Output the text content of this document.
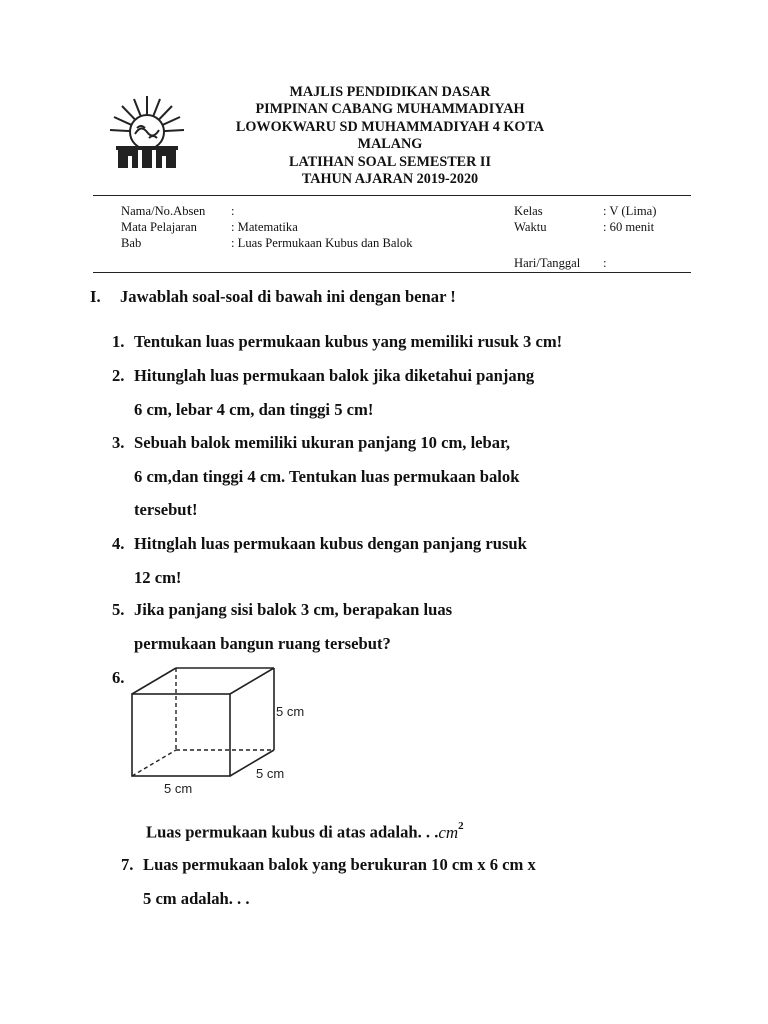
MAJLIS PENDIDIKAN DASAR
PIMPINAN CABANG MUHAMMADIYAH
LOWOKWARU SD MUHAMMADIYAH 4 KOTA
MALANG
LATIHAN SOAL SEMESTER II
TAHUN AJARAN 2019-2020
Nama/No.Absen :
Mata Pelajaran	: Matematika
Bab	: Luas Permukaan Kubus dan Balok
Kelas	: V (Lima)
Waktu	: 60 menit
Hari/Tanggal :
I. Jawablah soal-soal di bawah ini dengan benar !
1. Tentukan luas permukaan kubus yang memiliki rusuk 3 cm!
2. Hitunglah luas permukaan balok jika diketahui panjang
6 cm, lebar 4 cm, dan tinggi 5 cm!
3. Sebuah balok memiliki ukuran panjang 10 cm, lebar,
6 cm,dan tinggi 4 cm. Tentukan luas permukaan balok
tersebut!
4. Hitnglah luas permukaan kubus dengan panjang rusuk
12 cm!
5. Jika panjang sisi balok 3 cm, berapakan luas
permukaan bangun ruang tersebut?
6.
5 cm
5 cm
5 cm
Luas permukaan kubus di atas adalah. . $.cm^2$
7. Luas permukaan balok yang berukuran 10 cm x 6 cm x
5 cm adalah. . .
